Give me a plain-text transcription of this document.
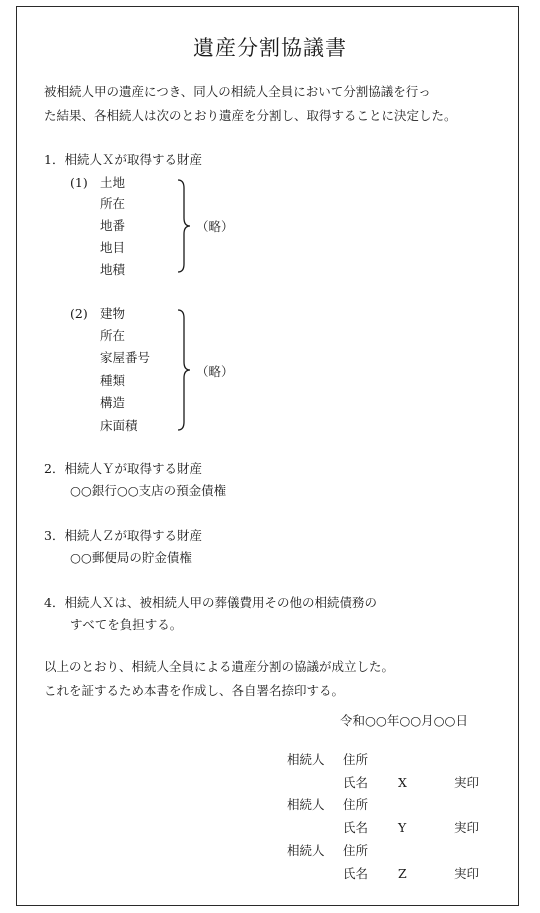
遺産分割協議書
被相続人甲の遺産につき、同人の相続人全員において分割協議を行っ
た結果、各相続人は次のとおり遺産を分割し、取得することに決定した。
1．相続人Ｘが取得する財産
(1) 土地
所在
地番
地目
地積
（略）
(2) 建物
所在
家屋番号
種類
構造
床面積
（略）
2．相続人Ｙが取得する財産
○○銀行○○支店の預金債権
3．相続人Ｚが取得する財産
○○郵便局の貯金債権
4．相続人Ｘは、被相続人甲の葬儀費用その他の相続債務の
すべてを負担する。
以上のとおり、相続人全員による遺産分割の協議が成立した。
これを証するため本書を作成し、各自署名捺印する。
令和○○年○○月○○日
相続人 住所
氏名 X	実印
相続人 住所
氏名 Y	実印
相続人 住所
氏名 Z	実印
